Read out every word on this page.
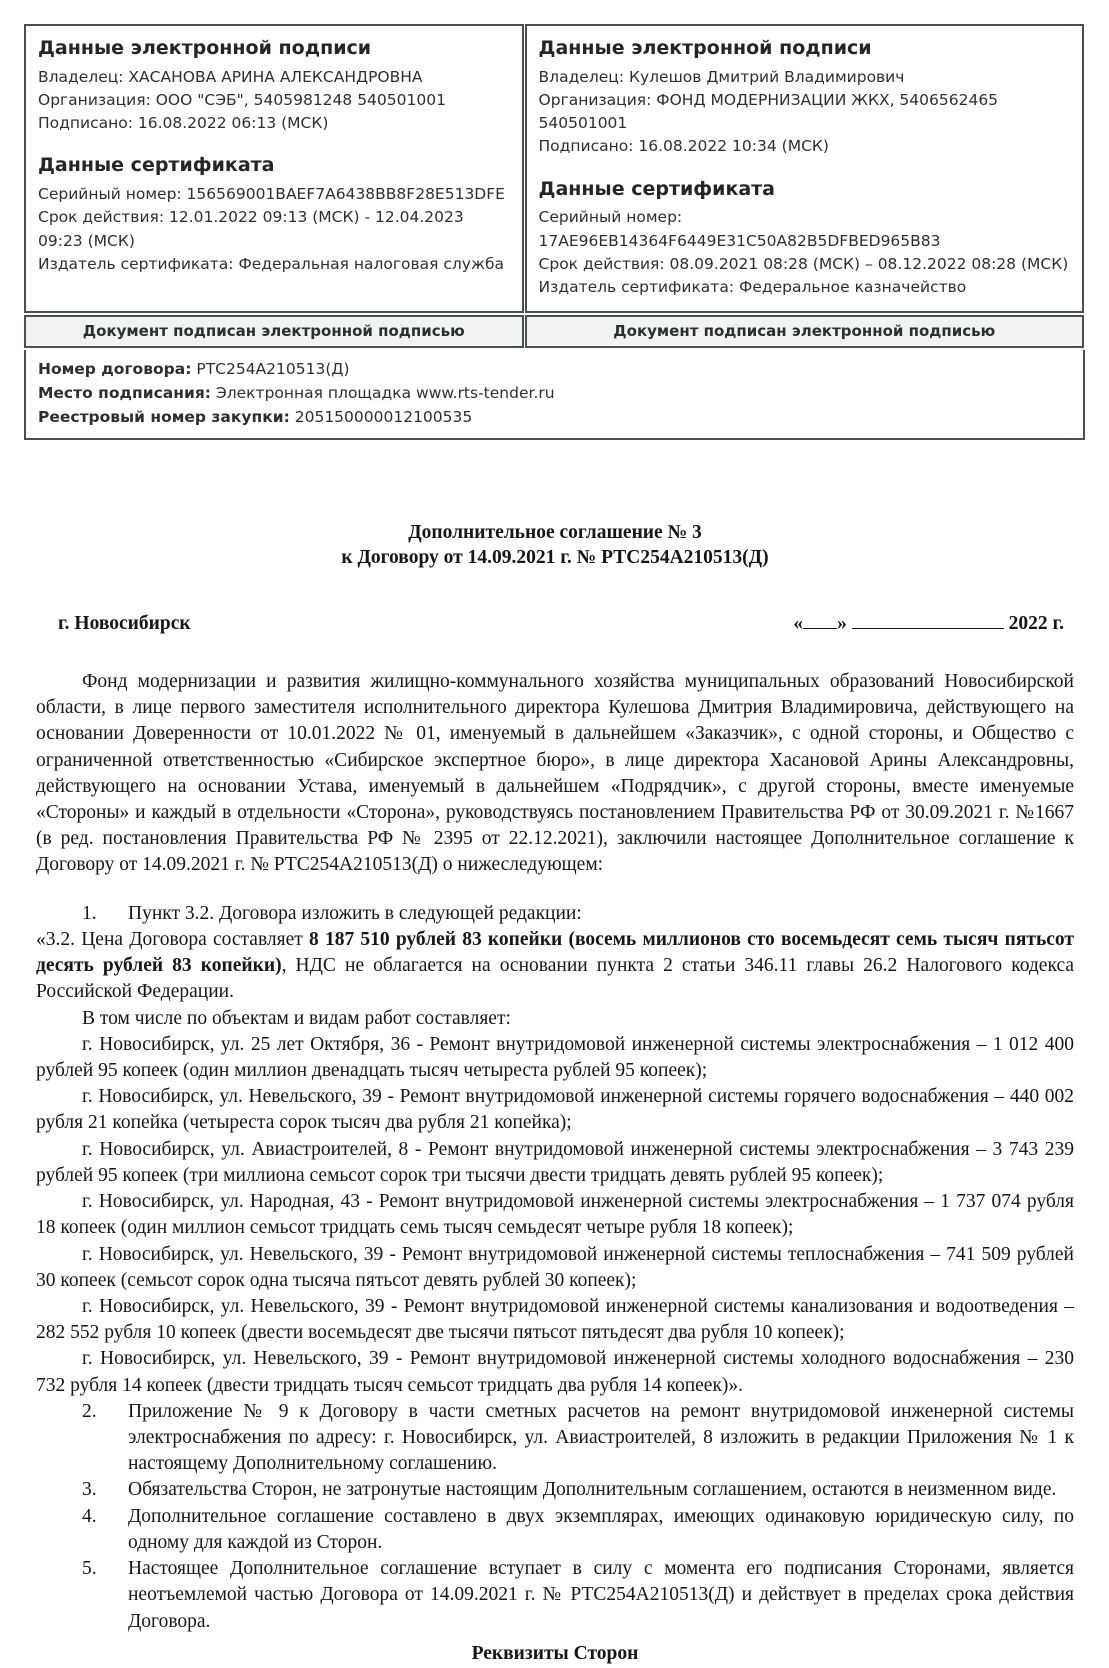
Данные электронной подписи
Владелец: ХАСАНОВА АРИНА АЛЕКСАНДРОВНА
Организация: ООО "СЭБ", 5405981248 540501001
Подписано: 16.08.2022 06:13 (МСК)
Данные сертификата
Серийный номер: 156569001BAEF7A6438BB8F28E513DFE
Срок действия: 12.01.2022 09:13 (МСК) - 12.04.2023 09:23 (МСК)
Издатель сертификата: Федеральная налоговая служба
Данные электронной подписи
Владелец: Кулешов Дмитрий Владимирович
Организация: ФОНД МОДЕРНИЗАЦИИ ЖКХ, 5406562465 540501001
Подписано: 16.08.2022 10:34 (МСК)
Данные сертификата
Серийный номер:
17AE96EB14364F6449E31C50A82B5DFBED965B83
Срок действия: 08.09.2021 08:28 (МСК) – 08.12.2022 08:28 (МСК)
Издатель сертификата: Федеральное казначейство
Документ подписан электронной подписью	Документ подписан электронной подписью
Номер договора: РТС254А210513(Д)
Место подписания: Электронная площадка www.rts-tender.ru
Реестровый номер закупки: 205150000012100535
Дополнительное соглашение № 3
к Договору от 14.09.2021 г. № РТС254А210513(Д)
г. Новосибирск	« »	2022 г.

Фонд модернизации и развития жилищно-коммунального хозяйства муниципальных образований Новосибирской области, в лице первого заместителя исполнительного директора Кулешова Дмитрия Владимировича, действующего на основании Доверенности от 10.01.2022 № 01, именуемый в дальнейшем «Заказчик», с одной стороны, и Общество с ограниченной ответственностью «Сибирское экспертное бюро», в лице директора Хасановой Арины Александровны, действующего на основании Устава, именуемый в дальнейшем «Подрядчик», с другой стороны, вместе именуемые «Стороны» и каждый в отдельности «Сторона», руководствуясь постановлением Правительства РФ от 30.09.2021 г. №1667 (в ред. постановления Правительства РФ № 2395 от 22.12.2021), заключили настоящее Дополнительное соглашение к Договору от 14.09.2021 г. № РТС254А210513(Д) о нижеследующем:

1.	Пункт 3.2. Договора изложить в следующей редакции:

«3.2. Цена Договора составляет 8 187 510 рублей 83 копейки (восемь миллионов сто восемьдесят семь тысяч пятьсот десять рублей 83 копейки), НДС не облагается на основании пункта 2 статьи 346.11 главы 26.2 Налогового кодекса Российской Федерации.

В том числе по объектам и видам работ составляет:

г. Новосибирск, ул. 25 лет Октября, 36 - Ремонт внутридомовой инженерной системы электроснабжения – 1 012 400 рублей 95 копеек (один миллион двенадцать тысяч четыреста рублей 95 копеек);

г. Новосибирск, ул. Невельского, 39 - Ремонт внутридомовой инженерной системы горячего водоснабжения – 440 002 рубля 21 копейка (четыреста сорок тысяч два рубля 21 копейка);

г. Новосибирск, ул. Авиастроителей, 8 - Ремонт внутридомовой инженерной системы электроснабжения – 3 743 239 рублей 95 копеек (три миллиона семьсот сорок три тысячи двести тридцать девять рублей 95 копеек);

г. Новосибирск, ул. Народная, 43 - Ремонт внутридомовой инженерной системы электроснабжения – 1 737 074 рубля 18 копеек (один миллион семьсот тридцать семь тысяч семьдесят четыре рубля 18 копеек);

г. Новосибирск, ул. Невельского, 39 - Ремонт внутридомовой инженерной системы теплоснабжения – 741 509 рублей 30 копеек (семьсот сорок одна тысяча пятьсот девять рублей 30 копеек);

г. Новосибирск, ул. Невельского, 39 - Ремонт внутридомовой инженерной системы канализования и водоотведения – 282 552 рубля 10 копеек (двести восемьдесят две тысячи пятьсот пятьдесят два рубля 10 копеек);

г. Новосибирск, ул. Невельского, 39 - Ремонт внутридомовой инженерной системы холодного водоснабжения – 230 732 рубля 14 копеек (двести тридцать тысяч семьсот тридцать два рубля 14 копеек)».

2.	Приложение № 9 к Договору в части сметных расчетов на ремонт внутридомовой инженерной системы электроснабжения по адресу: г. Новосибирск, ул. Авиастроителей, 8 изложить в редакции Приложения № 1 к настоящему Дополнительному соглашению.
3.	Обязательства Сторон, не затронутые настоящим Дополнительным соглашением, остаются в неизменном виде.
4.	Дополнительное соглашение составлено в двух экземплярах, имеющих одинаковую юридическую силу, по одному для каждой из Сторон.
5.	Настоящее Дополнительное соглашение вступает в силу с момента его подписания Сторонами, является неотъемлемой частью Договора от 14.09.2021 г. № РТС254А210513(Д) и действует в пределах срока действия Договора.
Реквизиты Сторон
